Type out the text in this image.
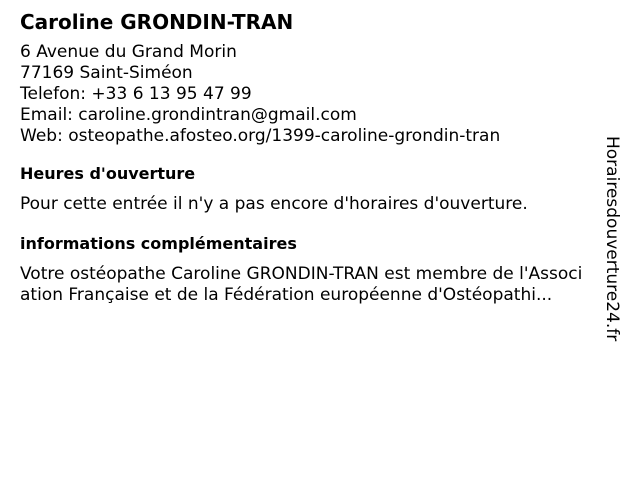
Caroline GRONDIN-TRAN
6 Avenue du Grand Morin
77169 Saint-Siméon
Telefon: +33 6 13 95 47 99
Email: caroline.grondintran@gmail.com
Web: osteopathe.afosteo.org/1399-caroline-grondin-tran
Heures d'ouverture
Pour cette entrée il n'y a pas encore d'horaires d'ouverture.
informations complémentaires
Votre ostéopathe Caroline GRONDIN-TRAN est membre de l'Association Française et de la Fédération européenne d'Ostéopathi...	Horairesdouverture24.fr
